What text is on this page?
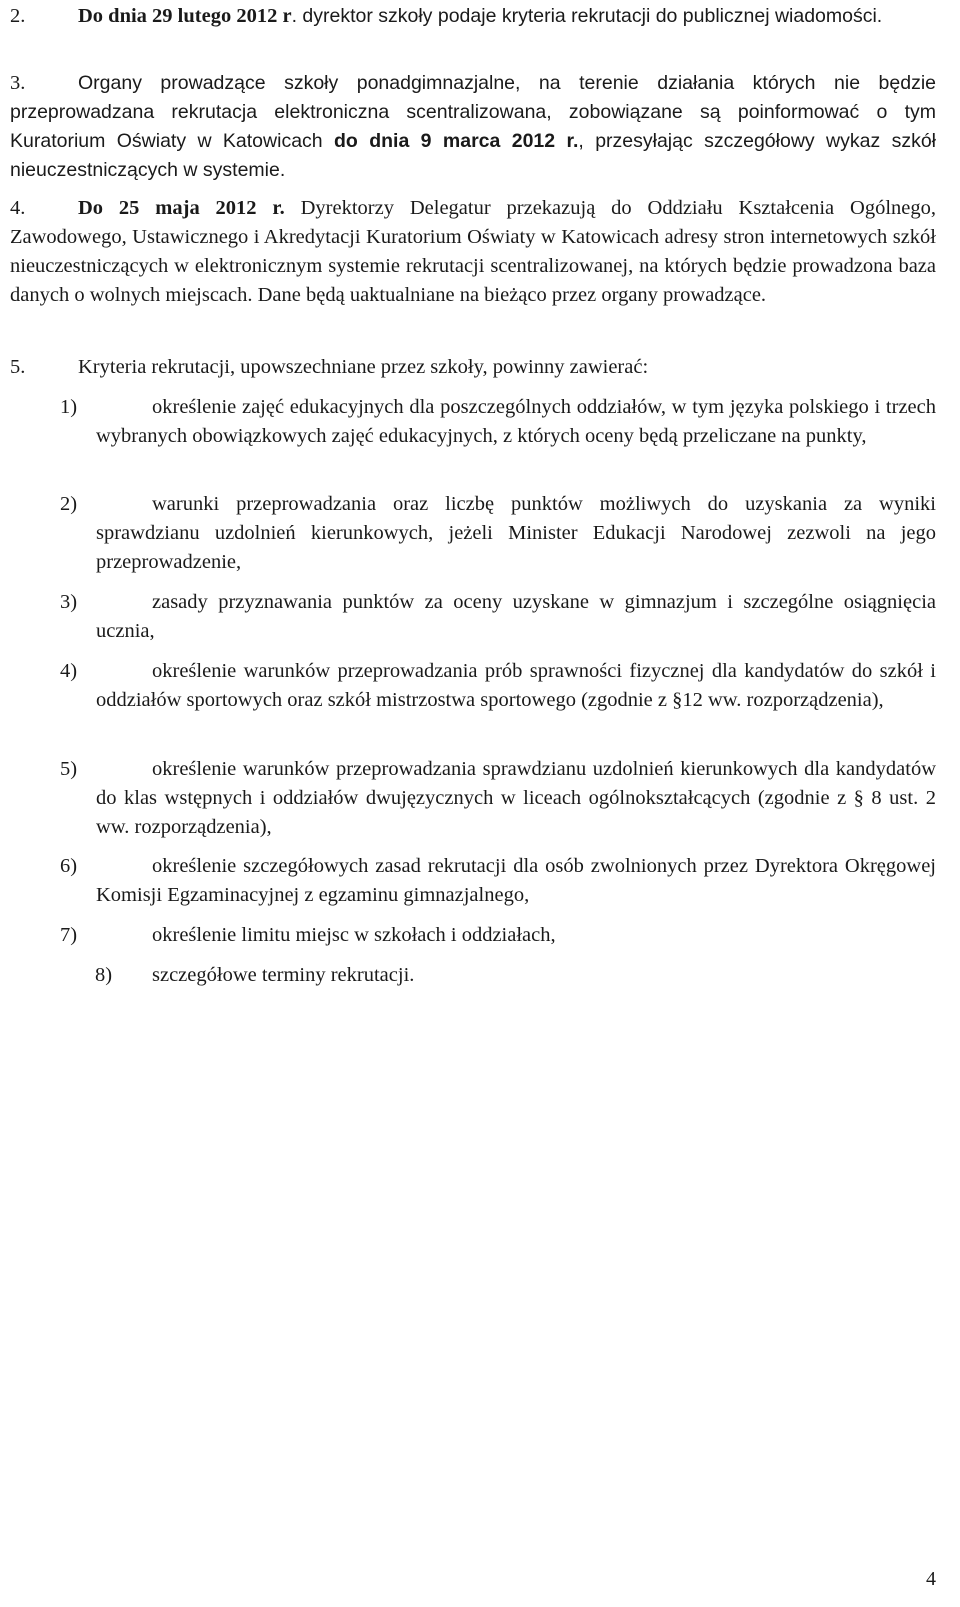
2.	Do dnia 29 lutego 2012 r. dyrektor szkoły podaje kryteria rekrutacji do publicznej wiadomości.

3.	Organy prowadzące szkoły ponadgimnazjalne, na terenie działania których nie będzie przeprowadzana rekrutacja elektroniczna scentralizowana, zobowiązane są poinformować o tym Kuratorium Oświaty w Katowicach do dnia 9 marca 2012 r., przesyłając szczegółowy wykaz szkół nieuczestniczących w systemie.

4.	Do 25 maja 2012 r. Dyrektorzy Delegatur przekazują do Oddziału Kształcenia Ogólnego, Zawodowego, Ustawicznego i Akredytacji Kuratorium Oświaty w Katowicach adresy stron internetowych szkół nieuczestniczących w elektronicznym systemie rekrutacji scentralizowanej, na których będzie prowadzona baza danych o wolnych miejscach. Dane będą uaktualniane na bieżąco przez organy prowadzące.

5.	Kryteria rekrutacji, upowszechniane przez szkoły, powinny zawierać:

1)	określenie zajęć edukacyjnych dla poszczególnych oddziałów, w tym języka polskiego i trzech wybranych obowiązkowych zajęć edukacyjnych, z których oceny będą przeliczane na punkty,
2)	warunki przeprowadzania oraz liczbę punktów możliwych do uzyskania za wyniki sprawdzianu uzdolnień kierunkowych, jeżeli Minister Edukacji Narodowej zezwoli na jego przeprowadzenie,
3)	zasady przyznawania punktów za oceny uzyskane w gimnazjum i szczególne osiągnięcia ucznia,
4)	określenie warunków przeprowadzania prób sprawności fizycznej dla kandydatów do szkół i oddziałów sportowych oraz szkół mistrzostwa sportowego (zgodnie z §12 ww. rozporządzenia),
5)	określenie warunków przeprowadzania sprawdzianu uzdolnień kierunkowych dla kandydatów do klas wstępnych i oddziałów dwujęzycznych w liceach ogólnokształcących (zgodnie z § 8 ust. 2 ww. rozporządzenia),
6)	określenie szczegółowych zasad rekrutacji dla osób zwolnionych przez Dyrektora Okręgowej Komisji Egzaminacyjnej z egzaminu gimnazjalnego,
7)	określenie limitu miejsc w szkołach i oddziałach,
8) szczegółowe terminy rekrutacji.
4
